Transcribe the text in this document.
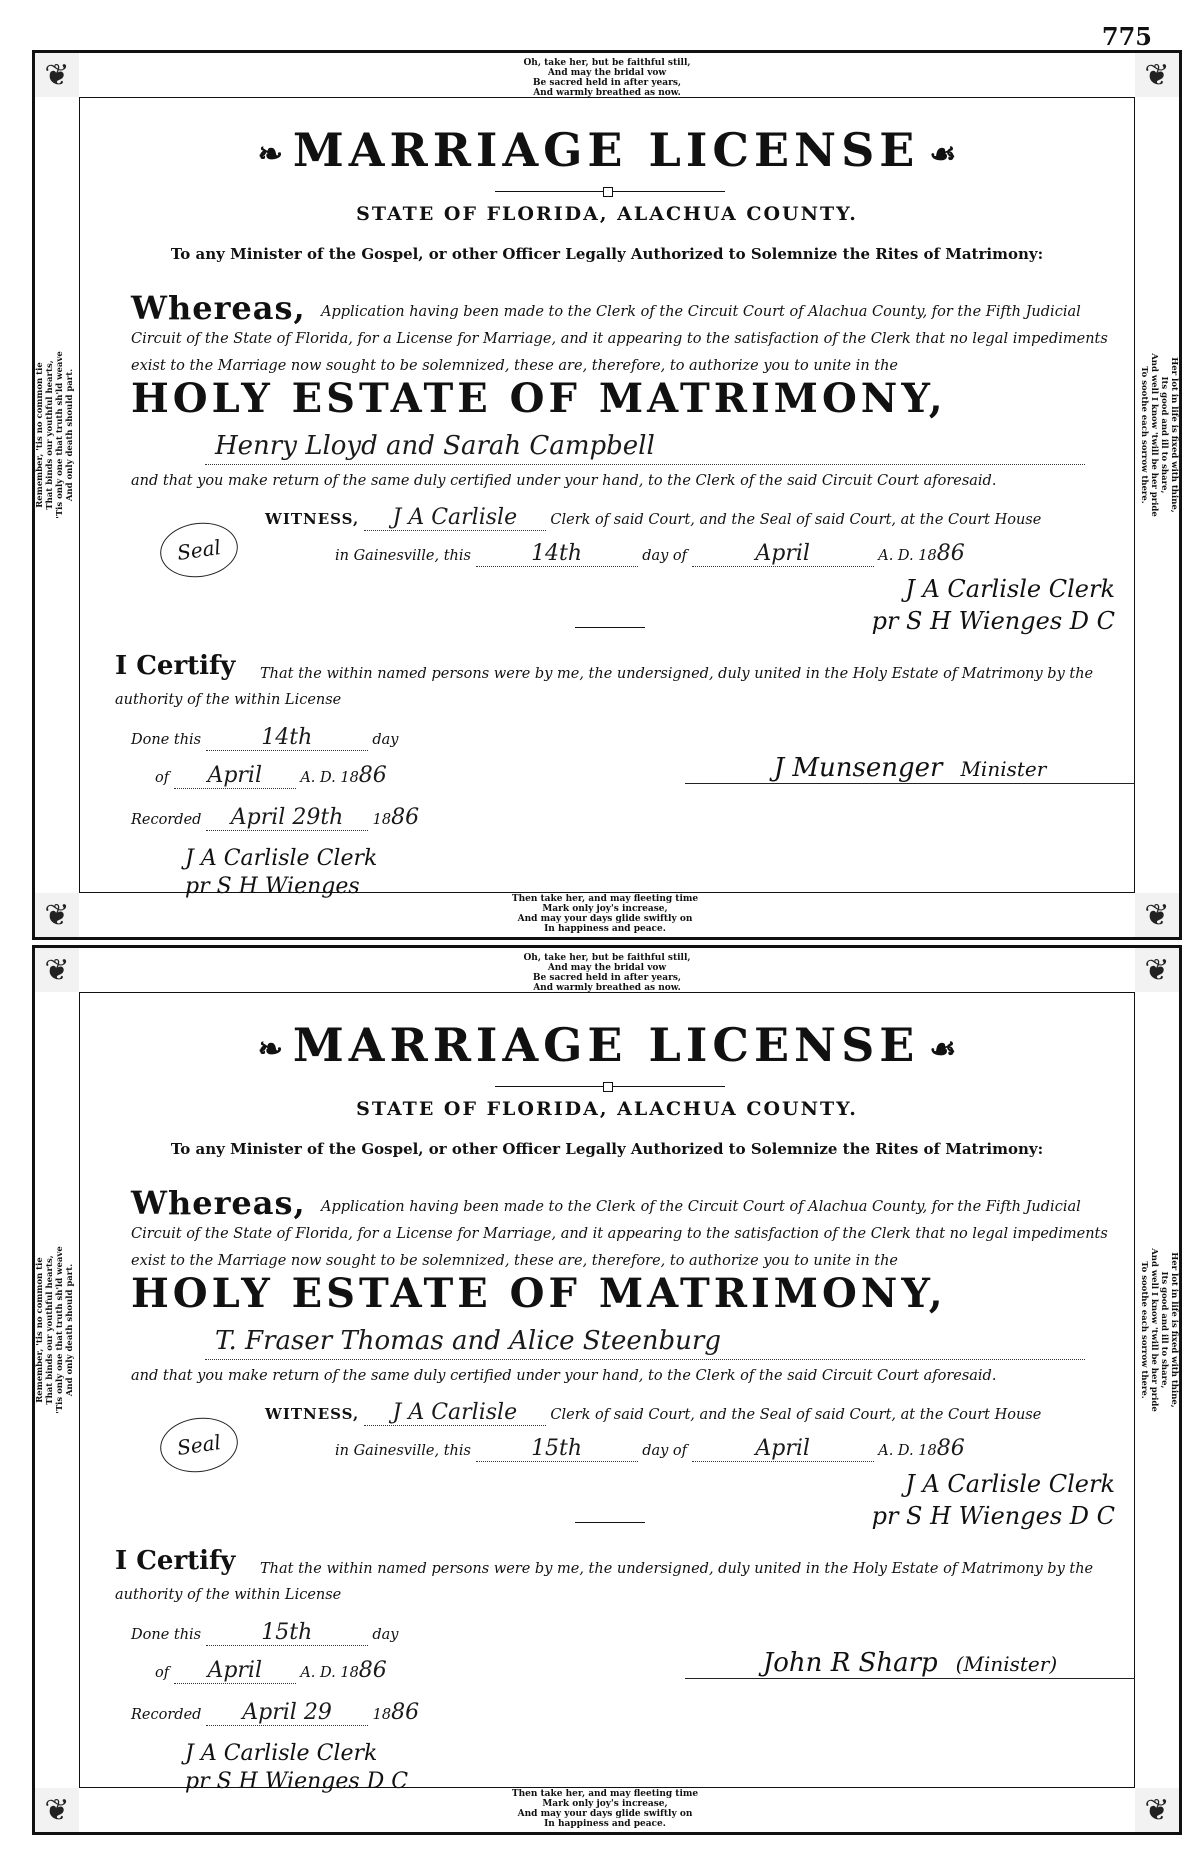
775
❦	❦
❦	❦
Oh, take her, but be faithful still,
And may the bridal vow
Be sacred held in after years,
And warmly breathed as now.
Remember, 'tis no common tie That binds our youthful hearts, 'Tis only one that truth sh'ld weave And only death should part.	Her lot in life is fixed with thine,
Its good and ill to share,
And well I know 'twill be her pride
To soothe each sorrow there.
❧ MARRIAGE LICENSE ☙
STATE OF FLORIDA, ALACHUA COUNTY.
To any Minister of the Gospel, or other Officer Legally Authorized to Solemnize the Rites of Matrimony:
Whereas,	Application having been made to the Clerk of the Circuit Court of Alachua County, for the Fifth Judicial Circuit of the State of Florida, for a License for Marriage, and it appearing to the satisfaction of the Clerk that no legal impediments exist to the Marriage now sought to be solemnized, these are, therefore, to authorize you to unite in the
HOLY ESTATE OF MATRIMONY,
Henry Lloyd and Sarah Campbell
and that you make return of the same duly certified under your hand, to the Clerk of the said Circuit Court aforesaid.
WITNESS, J A Carlisle Clerk of said Court, and the Seal of said Court, at the Court House
in Gainesville, this	14th	day of	April	A. D. 1886
Seal
J A Carlisle Clerk
pr S H Wienges D C
I Certify	That the within named persons were by me, the undersigned, duly united in the Holy Estate of Matrimony by the authority of the within License
Done this	14th	day
of April	A. D. 1886
Recorded April 29th 1886
J Munsenger Minister
J A Carlisle Clerk
pr S H Wienges	Then take her, and may fleeting time
Mark only joy's increase,
And may your days glide swiftly on
In happiness and peace.
❦	❦
❦	❦
Oh, take her, but be faithful still,
And may the bridal vow
Be sacred held in after years,
And warmly breathed as now.
Remember, 'tis no common tie That binds our youthful hearts, 'Tis only one that truth sh'ld weave And only death should part.	Her lot in life is fixed with thine,
Its good and ill to share,
And well I know 'twill be her pride
To soothe each sorrow there.
❧ MARRIAGE LICENSE ☙
STATE OF FLORIDA, ALACHUA COUNTY.
To any Minister of the Gospel, or other Officer Legally Authorized to Solemnize the Rites of Matrimony:
Whereas,	Application having been made to the Clerk of the Circuit Court of Alachua County, for the Fifth Judicial Circuit of the State of Florida, for a License for Marriage, and it appearing to the satisfaction of the Clerk that no legal impediments exist to the Marriage now sought to be solemnized, these are, therefore, to authorize you to unite in the
HOLY ESTATE OF MATRIMONY,
T. Fraser Thomas and Alice Steenburg
and that you make return of the same duly certified under your hand, to the Clerk of the said Circuit Court aforesaid.
WITNESS, J A Carlisle Clerk of said Court, and the Seal of said Court, at the Court House
in Gainesville, this	15th	day of	April	A. D. 1886
Seal
J A Carlisle Clerk
pr S H Wienges D C
I Certify	That the within named persons were by me, the undersigned, duly united in the Holy Estate of Matrimony by the authority of the within License
Done this	15th	day
of April	A. D. 1886
Recorded April 29	1886
John R Sharp (Minister)
J A Carlisle Clerk
pr S H Wienges D C	Then take her, and may fleeting time
Mark only joy's increase,
And may your days glide swiftly on
In happiness and peace.
